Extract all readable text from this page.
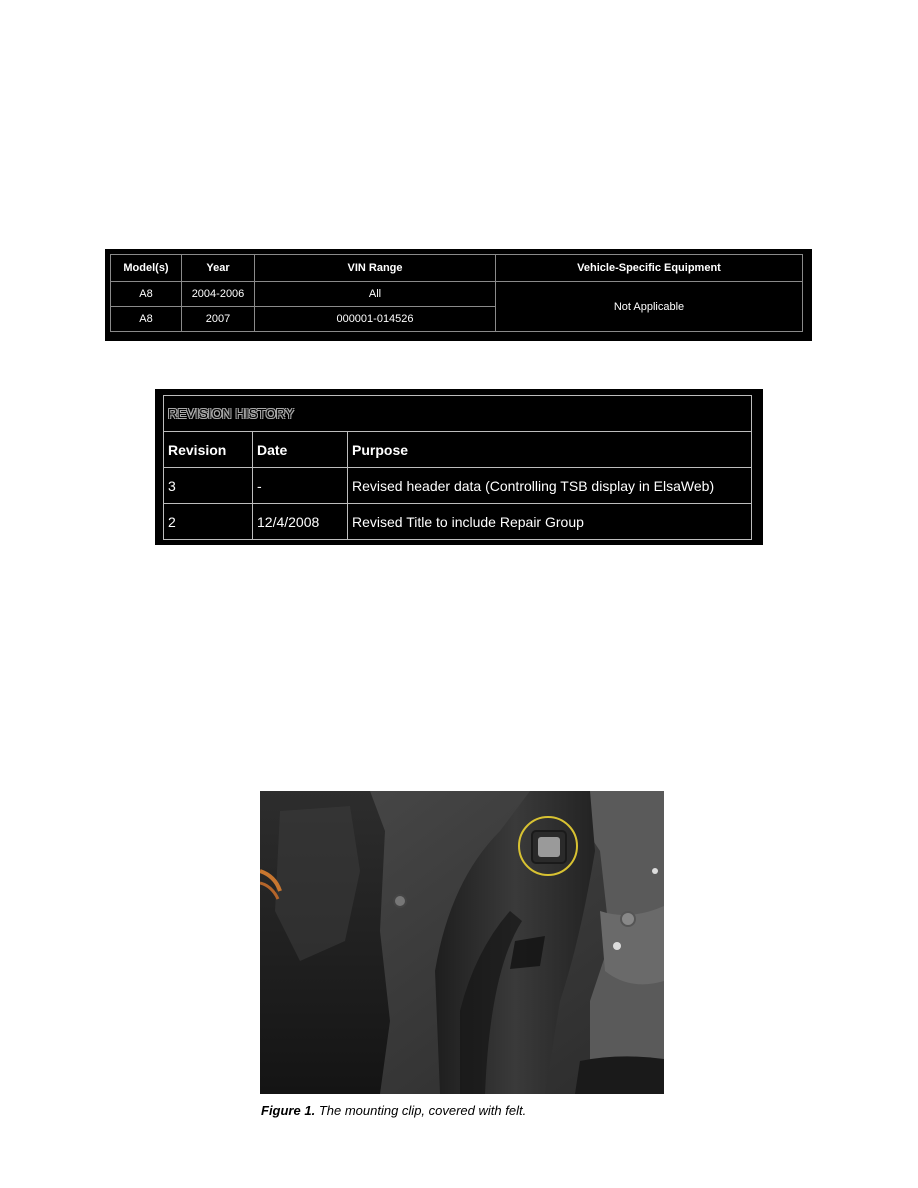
Model(s)	Year	VIN Range	Vehicle-Specific Equipment
A8	2004-2006	All	Not Applicable
A8	2007	000001-014526	
REVISION HISTORY		
Revision	Date	Purpose
3	-	Revised header data (Controlling TSB display in ElsaWeb)
2	12/4/2008	Revised Title to include Repair Group
Figure 1. The mounting clip, covered with felt.
